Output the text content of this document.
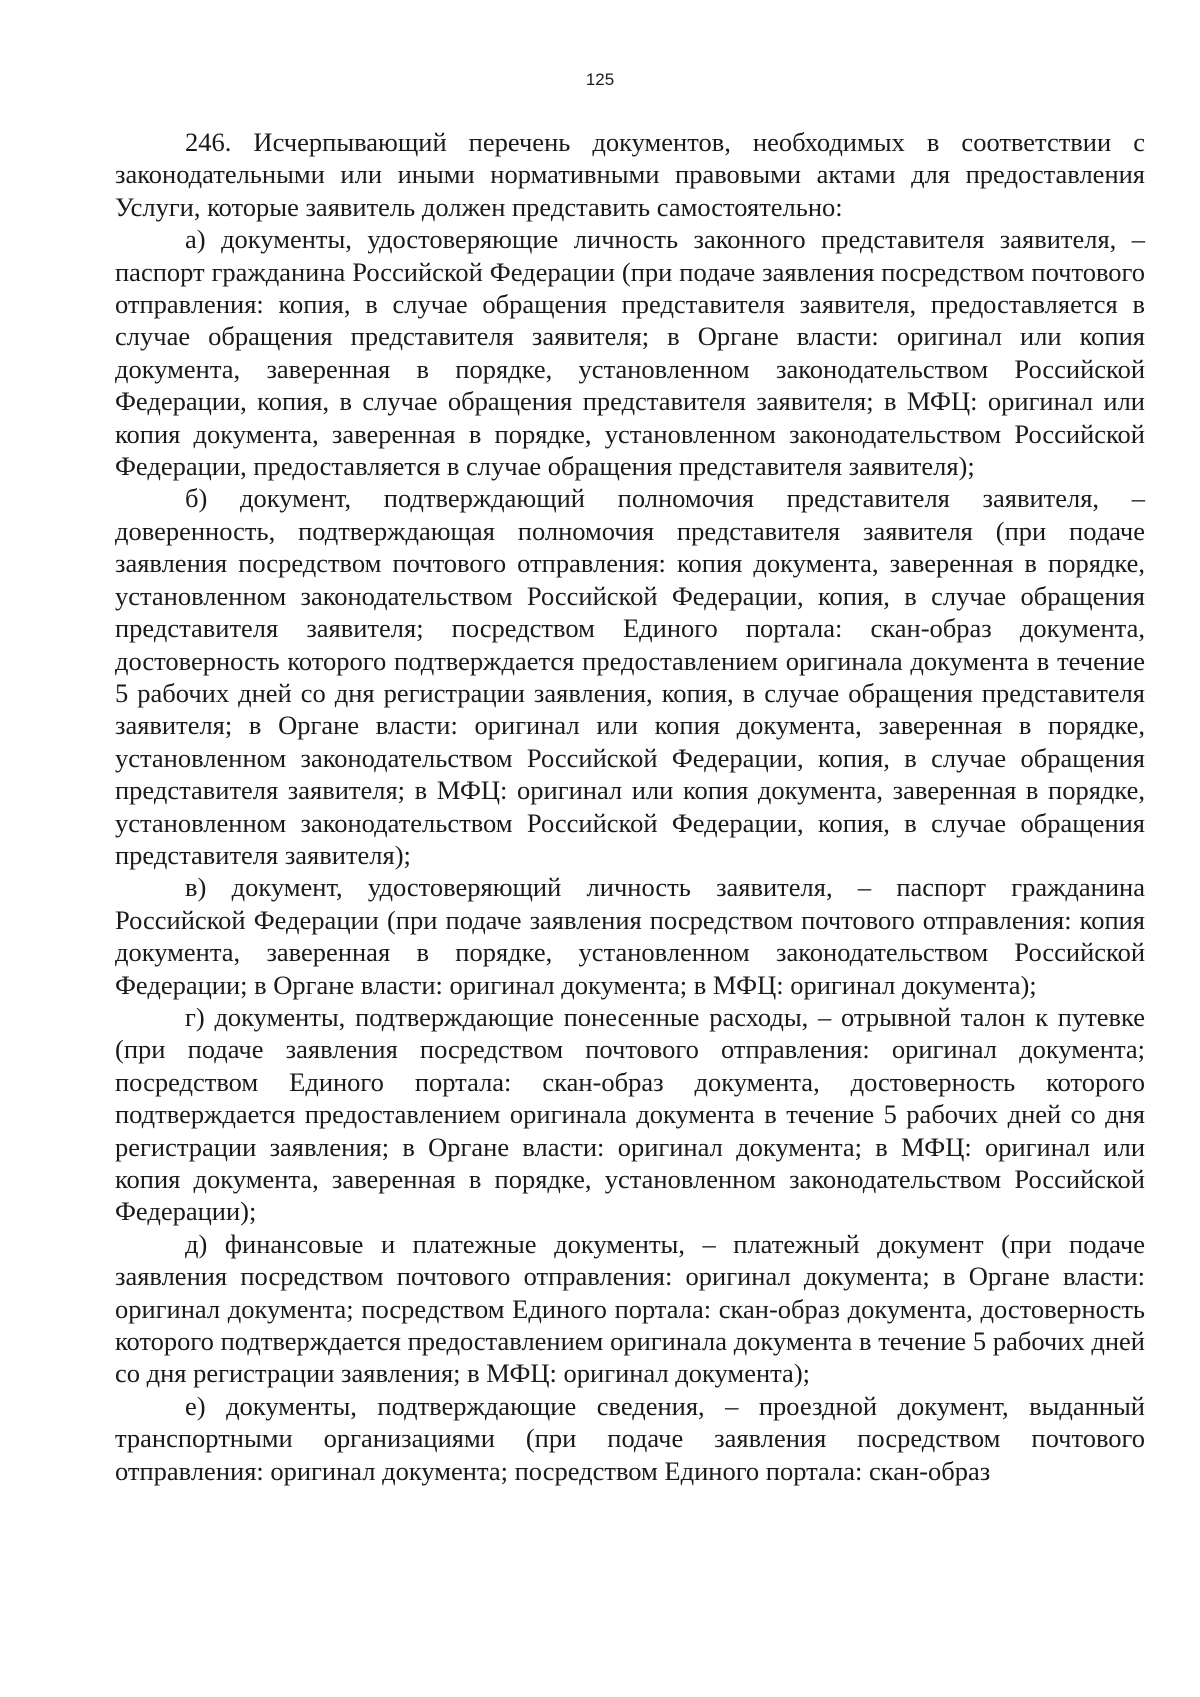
125

246. Исчерпывающий перечень документов, необходимых в соответствии с законодательными или иными нормативными правовыми актами для предоставления Услуги, которые заявитель должен представить самостоятельно:

а) документы, удостоверяющие личность законного представителя заявителя, – паспорт гражданина Российской Федерации (при подаче заявления посредством почтового отправления: копия, в случае обращения представителя заявителя, предоставляется в случае обращения представителя заявителя; в Органе власти: оригинал или копия документа, заверенная в порядке, установленном законодательством Российской Федерации, копия, в случае обращения представителя заявителя; в МФЦ: оригинал или копия документа, заверенная в порядке, установленном законодательством Российской Федерации, предоставляется в случае обращения представителя заявителя);

б) документ, подтверждающий полномочия представителя заявителя, – доверенность, подтверждающая полномочия представителя заявителя (при подаче заявления посредством почтового отправления: копия документа, заверенная в порядке, установленном законодательством Российской Федерации, копия, в случае обращения представителя заявителя; посредством Единого портала: скан-образ документа, достоверность которого подтверждается предоставлением оригинала документа в течение 5 рабочих дней со дня регистрации заявления, копия, в случае обращения представителя заявителя; в Органе власти: оригинал или копия документа, заверенная в порядке, установленном законодательством Российской Федерации, копия, в случае обращения представителя заявителя; в МФЦ: оригинал или копия документа, заверенная в порядке, установленном законодательством Российской Федерации, копия, в случае обращения представителя заявителя);

в) документ, удостоверяющий личность заявителя, – паспорт гражданина Российской Федерации (при подаче заявления посредством почтового отправления: копия документа, заверенная в порядке, установленном законодательством Российской Федерации; в Органе власти: оригинал документа; в МФЦ: оригинал документа);

г) документы, подтверждающие понесенные расходы, – отрывной талон к путевке (при подаче заявления посредством почтового отправления: оригинал документа; посредством Единого портала: скан-образ документа, достоверность которого подтверждается предоставлением оригинала документа в течение 5 рабочих дней со дня регистрации заявления; в Органе власти: оригинал документа; в МФЦ: оригинал или копия документа, заверенная в порядке, установленном законодательством Российской Федерации);

д) финансовые и платежные документы, – платежный документ (при подаче заявления посредством почтового отправления: оригинал документа; в Органе власти: оригинал документа; посредством Единого портала: скан-образ документа, достоверность которого подтверждается предоставлением оригинала документа в течение 5 рабочих дней со дня регистрации заявления; в МФЦ: оригинал документа);

е) документы, подтверждающие сведения, – проездной документ, выданный транспортными организациями (при подаче заявления посредством почтового отправления: оригинал документа; посредством Единого портала: скан-образ
